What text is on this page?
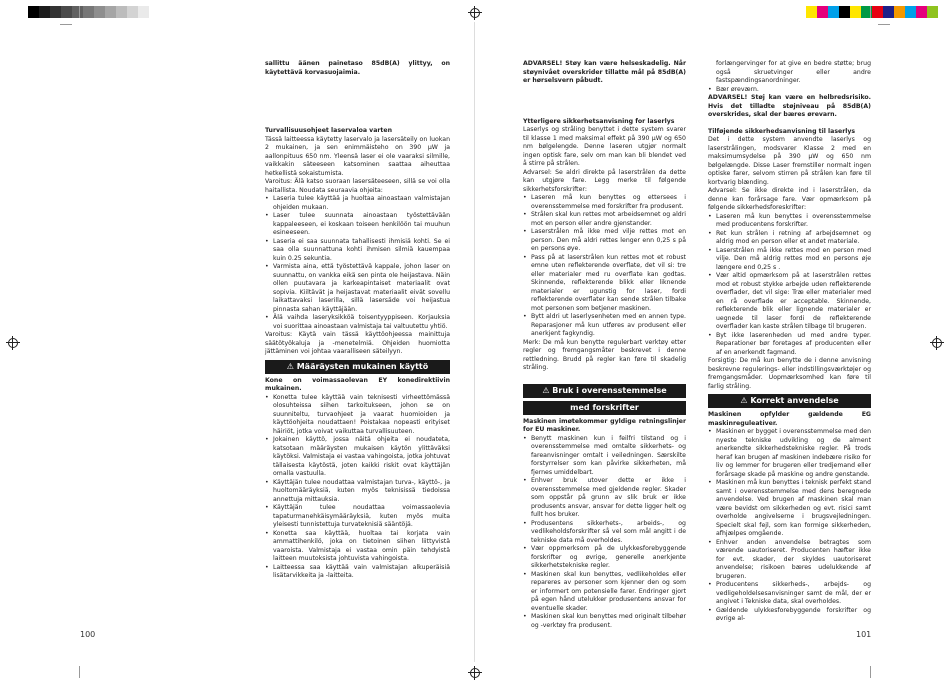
sallittu äänen painetaso 85dB(A) ylittyy, on käytettävä korvasuojaimia.

Turvallisuusohjeet laservaloa varten

Tässä laitteessa käytetty laservalo ja lasersäteily on luokan 2 mukainen, ja sen enimmäisteho on 390 µW ja aallonpituus 650 nm. Yleensä laser ei ole vaaraksi silmille, vaikkakin säteeseen katsominen saattaa aiheuttaa hetkellistä sokaistumista.

Varoitus: Älä katso suoraan lasersäteeseen, sillä se voi olla haitallista. Noudata seuraavia ohjeita:

• Laseria tulee käyttää ja huoltaa ainoastaan valmistajan ohjeiden mukaan.
• Laser tulee suunnata ainoastaan työstettävään kappaleeseen, ei koskaan toiseen henkilöön tai muuhun esineeseen.
• Laseria ei saa suunnata tahallisesti ihmisiä kohti. Se ei saa olla suunnattuna kohti ihmisen silmiä kauempaa kuin 0.25 sekuntia.
• Varmista aina, että työstettävä kappale, johon laser on suunnattu, on vankka eikä sen pinta ole heijastava. Näin ollen puutavara ja karkeapintaiset materiaalit ovat sopivia. Kiiltävät ja heijastavat materiaalit eivät sovellu laikattavaksi laserilla, sillä lasersäde voi heijastua pinnasta sahan käyttäjään.
• Älä vaihda laseryksikköä toisentyyppiseen. Korjauksia voi suorittaa ainoastaan valmistaja tai valtuutettu yhtiö.

Varoitus: Käytä vain tässä käyttöohjeessa mainittuja säätötyökaluja ja -menetelmiä. Ohjeiden huomiotta jättäminen voi johtaa vaaralliseen säteilyyn.

⚠ Määräysten mukainen käyttö

Kone on voimassaolevan EY konedirektiivin mukainen.

• Konetta tulee käyttää vain teknisesti virheettömässä olosuhteissa siihen tarkoitukseen, johon se on suunniteltu, turvaohjeet ja vaarat huomioiden ja käyttöohjeita noudattaen! Poistakaa nopeasti erityiset häiriöt, jotka voivat vaikuttaa turvallisuuteen.
• Jokainen käyttö, jossa näitä ohjeita ei noudateta, katsotaan määräysten mukaisen käytön ylittäväksi käytöksi. Valmistaja ei vastaa vahingoista, jotka johtuvat tällaisesta käytöstä, joten kaikki riskit ovat käyttäjän omalla vastuulla.
• Käyttäjän tulee noudattaa valmistajan turva-, käyttö-, ja huoltomääräyksiä, kuten myös teknisissä tiedoissa annettuja mittauksia.
• Käyttäjän tulee noudattaa voimassaolevia tapaturmanehkäisymääräyksiä, kuten myös muita yleisesti tunnistettuja turvateknisiä sääntöjä.
• Konetta saa käyttää, huoltaa tai korjata vain ammattihenkilö, joka on tietoinen siihen liittyvistä vaaroista. Valmistaja ei vastaa omin päin tehdyistä laitteen muutoksista johtuvista vahingoista.
• Laitteessa saa käyttää vain valmistajan alkuperäisiä lisätarvikkeita ja -laitteita.
100

ADVARSEL! Støy kan være helseskadelig. Når støynivået overskrider tillatte mål på 85dB(A) er hørselsvern påbudt.

Ytterligere sikkerhetsanvisning for laserlys

Laserlys og stråling benyttet i dette system svarer til klasse 1 med maksimal effekt på 390 µW og 650 nm bølgelengde. Denne laseren utgjør normalt ingen optisk fare, selv om man kan bli blendet ved å stirre på strålen.

Advarsel: Se aldri direkte på laserstrålen da dette kan utgjøre fare. Legg merke til følgende sikkerhetsforskrifter:

• Laseren må kun benyttes og ettersees i overensstemmelse med forskrifter fra produsent.
• Strålen skal kun rettes mot arbeidsemnet og aldri mot en person eller andre gjenstander.
• Laserstrålen må ikke med vilje rettes mot en person. Den må aldri rettes lenger enn 0,25 s på en persons øye.
• Pass på at laserstrålen kun rettes mot et robust emne uten reflekterende overflate, det vil si: tre eller materialer med ru overflate kan godtas. Skinnende, reflekterende blikk eller liknende materialer er ugunstig for laser, fordi reflekterende overflater kan sende strålen tilbake mot personen som betjener maskinen.
• Bytt aldri ut laserlysenheten med en annen type. Reparasjoner må kun utføres av produsent eller anerkjent fagkyndig.

Merk: De må kun benytte regulerbart verktøy etter regler og fremgangsmåter beskrevet i denne rettledning. Brudd på regler kan føre til skadelig stråling.

⚠ Bruk i overensstemmelse
med forskrifter

Maskinen imøtekommer gyldige retningslinjer for EU maskiner.

• Benytt maskinen kun i feilfri tilstand og i overensstemmelse med omtalte sikkerhets- og fareanvisninger omtalt i veiledningen. Særskilte forstyrrelser som kan påvirke sikkerheten, må fjernes umiddelbart.
• Enhver bruk utover dette er ikke i overensstemmelse med gjeldende regler. Skader som oppstår på grunn av slik bruk er ikke produsents ansvar, ansvar for dette ligger helt og fullt hos bruker.
• Produsentens sikkerhets-, arbeids-, og vedlikeholdsforskrifter så vel som mål angitt i de tekniske data må overholdes.
• Vær oppmerksom på de ulykkesforebyggende forskrifter og øvrige, generelle anerkjente sikkerhetstekniske regler.
• Maskinen skal kun benyttes, vedlikeholdes eller repareres av personer som kjenner den og som er informert om potensielle farer. Endringer gjort på egen hånd utelukker produsentens ansvar for eventuelle skader.
• Maskinen skal kun benyttes med originalt tilbehør og -verktøy fra produsent.
forlængervinger for at give en bedre støtte; brug også skruetvinger eller andre fastspændingsanordninger.
• Bær øreværn.

ADVARSEL! Støj kan være en helbredsrisiko. Hvis det tilladte støjniveau på 85dB(A) overskrides, skal der bæres ørevarn.

Tilføjende sikkerhedsanvisning til laserlys

Det i dette system anvendte laserlys og laserstrålingen, modsvarer Klasse 2 med en maksimumsydelse på 390 µW og 650 nm bølgelængde. Disse Laser fremstiller normalt ingen optiske farer, selvom stirren på strålen kan føre til kortvarig blænding.

Advarsel: Se ikke direkte ind i laserstrålen, da denne kan forårsage fare. Vær opmærksom på følgende sikkerhedsforeskrifter:

• Laseren må kun benyttes i overensstemmelse med producentens forskrifter.
• Ret kun strålen i retning af arbejdsemnet og aldrig mod en person eller et andet materiale.
• Laserstrålen må ikke rettes mod en person med vilje. Den må aldrig rettes mod en persons øje længere end 0,25 s .
• Vær altid opmærksom på at laserstrålen rettes mod et robust stykke arbejde uden reflekterende overflader, det vil sige: Træ eller materialer med en rå overflade er acceptable. Skinnende, reflekterende blik eller lignende materialer er uegnede til laser fordi de reflekterende overflader kan kaste strålen tilbage til brugeren.
• Byt ikke laserenheden ud med andre typer. Reparationer bør foretages af producenten eller af en anerkendt fagmand.

Forsigtig: De må kun benytte de i denne anvisning beskrevne regulerings- eller indstillingsværktøjer og fremgangsmåder. Uopmærksomhed kan føre til farlig stråling.

⚠ Korrekt anvendelse

Maskinen opfylder gældende EG maskinreguleativer.

• Maskinen er bygget i overensstemmelse med den nyeste tekniske udvikling og de alment anerkendte sikkerhedstekniske regler. På trods heraf kan brugen af maskinen indebære risiko for liv og lemmer for brugeren eller tredjemand eller forårsage skade på maskine og andre genstande.
• Maskinen må kun benyttes i teknisk perfekt stand samt i overensstemmelse med dens beregnede anvendelse. Ved brugen af maskinen skal man være bevidst om sikkerheden og evt. risici samt overholde angivelserne i brugsvejledningen. Specielt skal fejl, som kan formige sikkerheden, afhjælpes omgående.
• Enhver anden anvendelse betragtes som værende uautoriseret. Producenten hæfter ikke for evt. skader, der skyldes uautoriseret anvendelse; risikoen bæres udelukkende af brugeren.
• Producentens sikkerheds-, arbejds- og vedligeholdelsesanvisninger samt de mål, der er angivet i Tekniske data, skal overholdes.
• Gældende ulykkesforebyggende forskrifter og øvrige al-
101
